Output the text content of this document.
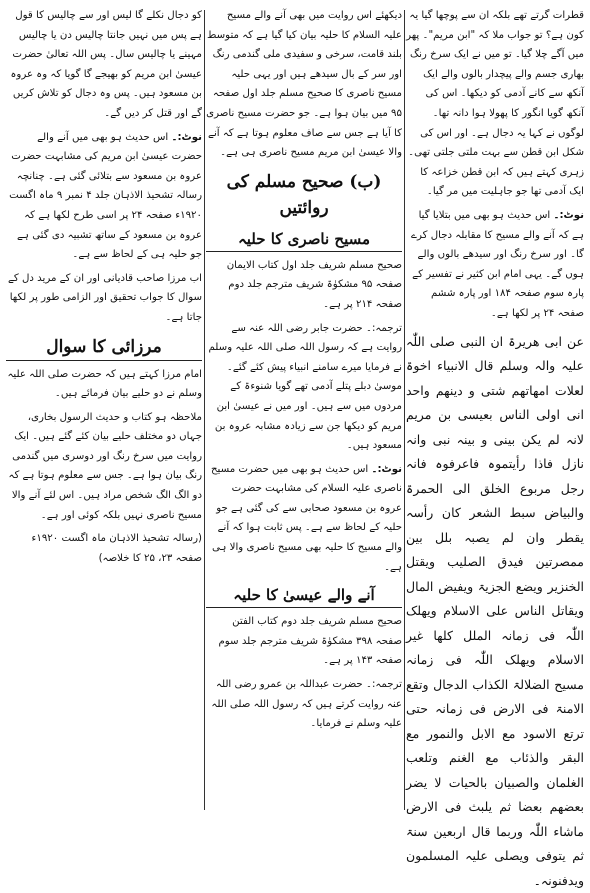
قطرات گرتے تھے بلکہ ان سے پوچھا گیا یہ کون ہے؟ تو جواب ملا کہ "ابن مریم"۔ پھر میں آگے چلا گیا۔ تو میں نے ایک سرخ رنگ بھاری جسم والے پیچدار بالوں والے ایک آنکھ سے کانے آدمی کو دیکھا۔ اس کی آنکھ گویا انگور کا پھولا ہوا دانہ تھا۔ لوگوں نے کہا یہ دجال ہے۔ اور اس کی شکل ابن قطن سے بہت ملتی جلتی تھی۔ زہری کہتے ہیں کہ ابن قطن خزاعہ کا ایک آدمی تھا جو جاہلیت میں مر گیا۔

نوٹ:۔ اس حدیث ہو بھی میں بتلایا گیا ہے کہ آنے والے مسیح کا مقابلہ دجال کرے گا۔ اور سرخ رنگ اور سیدھے بالوں والے ہوں گے۔ یہی امام ابن کثیر نے تفسیر کے پارہ سوم صفحہ ۱۸۴ اور پارہ ششم صفحہ ۲۴ پر لکھا ہے۔

عن ابی ھریرۃ ان النبی صلی اللّٰہ علیہ والہ وسلم قال الانبیاء اخوۃ لعلات امھاتھم شتی و دینھم واحد انی اولی الناس بعیسی بن مریم لانہ لم یکن بینی و بینہ نبی وانہ نازل فاذا رأیتموہ فاعرفوہ فانہ رجل مربوع الخلق الی الحمرۃ والبیاض سبط الشعر کان رأسہ یقطر وان لم یصبہ بلل بین ممصرتین فیدق الصلیب ویقتل الخنزیر ویضع الجزیۃ ویفیض المال ویقاتل الناس علی الاسلام ویھلک اللّٰہ فی زمانہ الملل کلھا غیر الاسلام ویھلک اللّٰہ فی زمانہ مسیح الضلالۃ الکذاب الدجال وتقع الامنۃ فی الارض فی زمانہ حتی ترتع الاسود مع الابل والنمور مع البقر والذئاب مع الغنم وتلعب الغلمان والصبیان بالحیات لا یضر بعضھم بعضا ثم یلبث فی الارض ماشاء اللّٰہ وربما قال اربعین سنۃ ثم یتوفی ویصلی علیہ المسلمون ویدفنونہ۔

دیکھئے اس روایت میں بھی آنے والے مسیح علیہ السلام کا حلیہ بیان کیا گیا ہے کہ متوسط بلند قامت، سرخی و سفیدی ملی گندمی رنگ اور سر کے بال سیدھے ہیں اور یہی حلیہ مسیح ناصری کا صحیح مسلم جلد اول صفحہ ۹۵ میں بیان ہوا ہے۔ جو حضرت مسیح ناصری کا آیا ہے جس سے صاف معلوم ہوتا ہے کہ آنے والا عیسیٰ ابن مریم مسیح ناصری ہی ہے۔

(ب) صحیح مسلم کی روائتیں
مسیح ناصری کا حلیہ

صحیح مسلم شریف جلد اول کتاب الایمان صفحہ ۹۵ مشکوٰۃ شریف مترجم جلد دوم صفحہ ۲۱۴ پر ہے۔

ترجمہ:۔ حضرت جابر رضی اللہ عنہ سے روایت ہے کہ رسول اللہ صلی اللہ علیہ وسلم نے فرمایا میرے سامنے انبیاء پیش کئے گئے۔ موسیٰ دبلے پتلے آدمی تھے گویا شنوءۃ کے مردوں میں سے ہیں۔ اور میں نے عیسیٰ ابن مریم کو دیکھا جن سے زیادہ مشابہ عروہ بن مسعود ہیں۔

نوٹ:۔ اس حدیث ہو بھی میں حضرت مسیح ناصری علیہ السلام کی مشابہت حضرت عروہ بن مسعود صحابی سے کی گئی ہے جو حلیہ کے لحاظ سے ہے۔ پس ثابت ہوا کہ آنے والے مسیح کا حلیہ بھی مسیح ناصری والا ہی ہے۔

آنے والے عیسیٰ کا حلیہ

صحیح مسلم شریف جلد دوم کتاب الفتن صفحہ ۳۹۸ مشکوٰۃ شریف مترجم جلد سوم صفحہ ۱۴۳ پر ہے۔

ترجمہ:۔ حضرت عبداللہ بن عمرو رضی اللہ عنہ روایت کرتے ہیں کہ رسول اللہ صلی اللہ علیہ وسلم نے فرمایا۔

کو دجال نکلے گا لیس اور سے چالیس کا قول ہے پس میں نہیں جانتا چالیس دن یا چالیس مہینے یا چالیس سال۔ پس اللہ تعالیٰ حضرت عیسیٰ ابن مریم کو بھیجے گا گویا کہ وہ عروہ بن مسعود ہیں۔ پس وہ دجال کو تلاش کریں گے اور قتل کر دیں گے۔

نوٹ:۔ اس حدیث ہو بھی میں آنے والے حضرت عیسیٰ ابن مریم کی مشابہت حضرت عروہ بن مسعود سے بتلائی گئی ہے۔ چنانچہ رسالہ تشحیذ الاذہان جلد ۴ نمبر ۹ ماہ اگست ۱۹۲۰ء صفحہ ۲۴ پر اسی طرح لکھا ہے کہ عروہ بن مسعود کے ساتھ تشبیہ دی گئی ہے جو حلیہ ہی کے لحاظ سے ہے۔

اب مرزا صاحب قادیانی اور ان کے مرید دل کے سوال کا جواب تحقیق اور الزامی طور پر لکھا جاتا ہے۔

مرزائی کا سوال

امام مرزا کہتے ہیں کہ حضرت صلی اللہ علیہ وسلم نے دو حلیے بیان فرمائے ہیں۔

ملاحظہ ہو کتاب و حدیث الرسول بخاری، جہاں دو مختلف حلیے بیان کئے گئے ہیں۔ ایک روایت میں سرخ رنگ اور دوسری میں گندمی رنگ بیان ہوا ہے۔ جس سے معلوم ہوتا ہے کہ دو الگ الگ شخص مراد ہیں۔ اس لئے آنے والا مسیح ناصری نہیں بلکہ کوئی اور ہے۔

(رسالہ تشحیذ الاذہان ماہ اگست ۱۹۲۰ء صفحہ ۲۳، ۲۵ کا خلاصہ)
